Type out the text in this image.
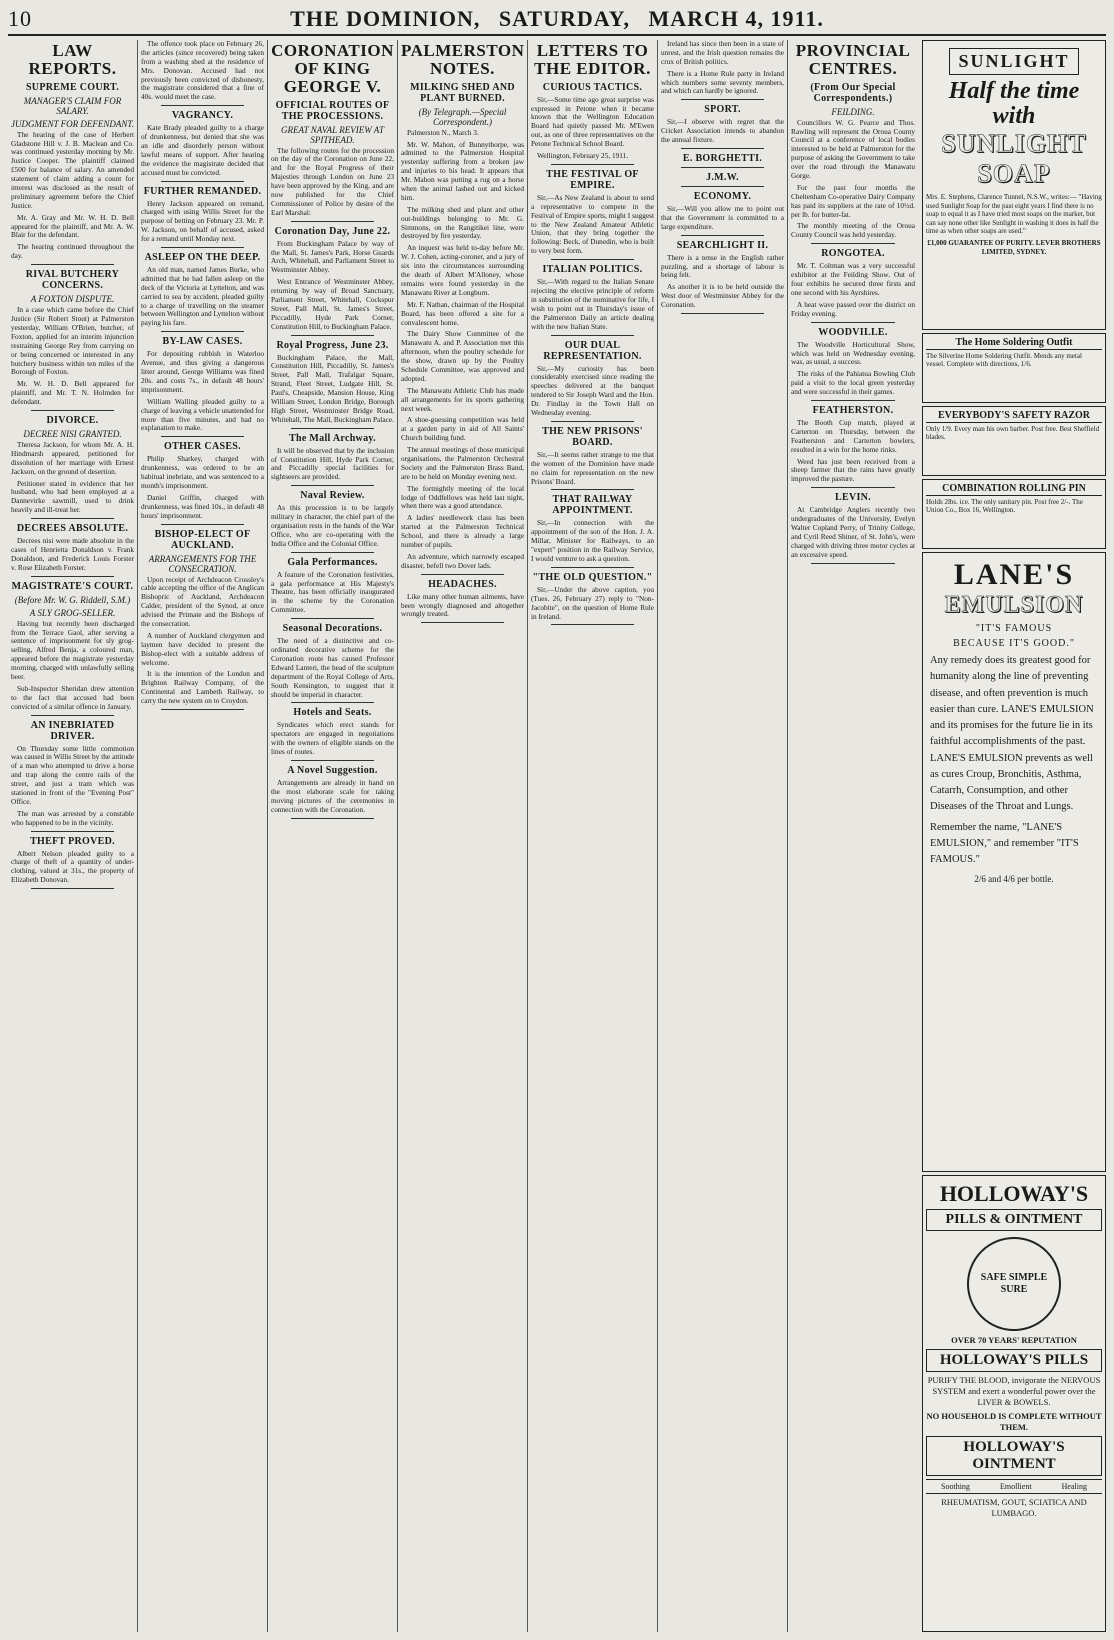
10	THE DOMINION, SATURDAY, MARCH 4, 1911.
LAW REPORTS.
SUPREME COURT.
MANAGER'S CLAIM FOR SALARY.
JUDGMENT FOR DEFENDANT.

The hearing of the case of Herbert Gladstone Hill v. J. B. Maclean and Co. was continued yesterday morning by Mr. Justice Cooper. The plaintiff claimed £500 for balance of salary. An amended statement of claim adding a count for interest was disclosed as the result of preliminary agreement before the Chief Justice.

Mr. A. Gray and Mr. W. H. D. Bell appeared for the plaintiff, and Mr. A. W. Blair for the defendant.

The hearing continued throughout the day.

RIVAL BUTCHERY CONCERNS.
A FOXTON DISPUTE.

In a case which came before the Chief Justice (Sir Robert Stout) at Palmerston yesterday, William O'Brien, butcher, of Foxton, applied for an interim injunction restraining George Rey from carrying on or being concerned or interested in any butchery business within ten miles of the Borough of Foxton.

Mr. W. H. D. Bell appeared for plaintiff, and Mr. T. N. Holmden for defendant.

DIVORCE.
DECREE NISI GRANTED.

Theresa Jackson, for whom Mr. A. H. Hindmarsh appeared, petitioned for dissolution of her marriage with Ernest Jackson, on the ground of desertion.

Petitioner stated in evidence that her husband, who had been employed at a Dannevirke sawmill, used to drink heavily and ill-treat her.

DECREES ABSOLUTE.

Decrees nisi were made absolute in the cases of Henrietta Donaldson v. Frank Donaldson, and Frederick Louis Forster v. Rose Elizabeth Forster.

MAGISTRATE'S COURT.
(Before Mr. W. G. Riddell, S.M.)
A SLY GROG-SELLER.

Having but recently been discharged from the Terrace Gaol, after serving a sentence of imprisonment for sly grog-selling, Alfred Benja, a coloured man, appeared before the magistrate yesterday morning, charged with unlawfully selling beer.

Sub-Inspector Sheridan drew attention to the fact that accused had been convicted of a similar offence in January.

AN INEBRIATED DRIVER.

On Thursday some little commotion was caused in Willis Street by the attitude of a man who attempted to drive a horse and trap along the centre rails of the street, and just a tram which was stationed in front of the "Evening Post" Office.

The man was arrested by a constable who happened to be in the vicinity.

THEFT PROVED.

Albert Nelson pleaded guilty to a charge of theft of a quantity of under-clothing, valued at 31s., the property of Elizabeth Donovan.

The offence took place on February 26, the articles (since recovered) being taken from a washing shed at the residence of Mrs. Donovan. Accused had not previously been convicted of dishonesty, the magistrate considered that a fine of 40s. would meet the case.

VAGRANCY.

Kate Brady pleaded guilty to a charge of drunkenness, but denied that she was an idle and disorderly person without lawful means of support. After hearing the evidence the magistrate decided that accused must be convicted.

FURTHER REMANDED.

Henry Jackson appeared on remand, charged with using Willis Street for the purpose of betting on February 23. Mr. P. W. Jackson, on behalf of accused, asked for a remand until Monday next.

ASLEEP ON THE DEEP.

An old man, named James Burke, who admitted that he had fallen asleep on the deck of the Victoria at Lyttelton, and was carried to sea by accident, pleaded guilty to a charge of travelling on the steamer between Wellington and Lyttelton without paying his fare.

BY-LAW CASES.

For depositing rubbish in Waterloo Avenue, and thus giving a dangerous litter around, George Williams was fined 20s. and costs 7s., in default 48 hours' imprisonment.

William Walling pleaded guilty to a charge of leaving a vehicle unattended for more than five minutes, and had no explanation to make.

OTHER CASES.

Philip Sharkey, charged with drunkenness, was ordered to be an habitual inebriate, and was sentenced to a month's imprisonment.

Daniel Griffin, charged with drunkenness, was fined 10s., in default 48 hours' imprisonment.

BISHOP-ELECT OF AUCKLAND.
ARRANGEMENTS FOR THE CONSECRATION.

Upon receipt of Archdeacon Crossley's cable accepting the office of the Anglican Bishopric of Auckland, Archdeacon Calder, president of the Synod, at once advised the Primate and the Bishops of the consecration.

A number of Auckland clergymen and laymen have decided to present the Bishop-elect with a suitable address of welcome.

It is the intention of the London and Brighton Railway Company, of the Continental and Lambeth Railway, to carry the new system on to Croydon.

CORONATION OF KING GEORGE V.
OFFICIAL ROUTES OF THE PROCESSIONS.
GREAT NAVAL REVIEW AT SPITHEAD.

The following routes for the procession on the day of the Coronation on June 22, and for the Royal Progress of their Majesties through London on June 23 have been approved by the King, and are now published for the Chief Commissioner of Police by desire of the Earl Marshal:

Coronation Day, June 22.

From Buckingham Palace by way of the Mall, St. James's Park, Horse Guards Arch, Whitehall, and Parliament Street to Westminster Abbey.

West Entrance of Westminster Abbey, returning by way of Broad Sanctuary, Parliament Street, Whitehall, Cockspur Street, Pall Mall, St. James's Street, Piccadilly, Hyde Park Corner, Constitution Hill, to Buckingham Palace.

Royal Progress, June 23.

Buckingham Palace, the Mall, Constitution Hill, Piccadilly, St. James's Street, Pall Mall, Trafalgar Square, Strand, Fleet Street, Ludgate Hill, St. Paul's, Cheapside, Mansion House, King William Street, London Bridge, Borough High Street, Westminster Bridge Road, Whitehall, The Mall, Buckingham Palace.

The Mall Archway.

It will be observed that by the inclusion of Constitution Hill, Hyde Park Corner, and Piccadilly special facilities for sightseers are provided.

Naval Review.

As this procession is to be largely military in character, the chief part of the organisation rests in the hands of the War Office, who are co-operating with the India Office and the Colonial Office.

Gala Performances.

A feature of the Coronation festivities, a gala performance at His Majesty's Theatre, has been officially inaugurated in the scheme by the Coronation Committee.

Seasonal Decorations.

The need of a distinctive and co-ordinated decorative scheme for the Coronation route has caused Professor Edward Lanteri, the head of the sculpture department of the Royal College of Arts, South Kensington, to suggest that it should be imperial in character.

Hotels and Seats.

Syndicates which erect stands for spectators are engaged in negotiations with the owners of eligible stands on the lines of routes.

A Novel Suggestion.

Arrangements are already in hand on the most elaborate scale for taking moving pictures of the ceremonies in connection with the Coronation.

PALMERSTON NOTES.
MILKING SHED AND PLANT BURNED.
(By Telegraph.—Special Correspondent.)

Palmerston N., March 3.

Mr. W. Mahon, of Bunnythorpe, was admitted to the Palmerston Hospital yesterday suffering from a broken jaw and injuries to his head. It appears that Mr. Mahon was putting a rug on a horse when the animal lashed out and kicked him.

The milking shed and plant and other out-buildings belonging to Mr. G. Simmons, on the Rangitikei line, were destroyed by fire yesterday.

An inquest was held to-day before Mr. W. J. Cohen, acting-coroner, and a jury of six into the circumstances surrounding the death of Albert M'Alloney, whose remains were found yesterday in the Manawatu River at Longburn.

Mr. F. Nathan, chairman of the Hospital Board, has been offered a site for a convalescent home.

The Dairy Show Committee of the Manawatu A. and P. Association met this afternoon, when the poultry schedule for the show, drawn up by the Poultry Schedule Committee, was approved and adopted.

The Manawatu Athletic Club has made all arrangements for its sports gathering next week.

A shoe-guessing competition was held at a garden party in aid of All Saints' Church building fund.

The annual meetings of those municipal organisations, the Palmerston Orchestral Society and the Palmerston Brass Band, are to be held on Monday evening next.

The fortnightly meeting of the local lodge of Oddfellows was held last night, when there was a good attendance.

A ladies' needlework class has been started at the Palmerston Technical School, and there is already a large number of pupils.

An adventure, which narrowly escaped disaster, befell two Dover lads.

HEADACHES.

Like many other human ailments, have been wrongly diagnosed and altogether wrongly treated.

LETTERS TO THE EDITOR.
CURIOUS TACTICS.

Sir,—Some time ago great surprise was expressed in Petone when it became known that the Wellington Education Board had quietly passed Mr. M'Ewen out, as one of three representatives on the Petone Technical School Board.

Wellington, February 25, 1911.

THE FESTIVAL OF EMPIRE.

Sir,—As New Zealand is about to send a representative to compete in the Festival of Empire sports, might I suggest to the New Zealand Amateur Athletic Union, that they bring together the following: Beck, of Dunedin, who is built to very best form.

ITALIAN POLITICS.

Sir,—With regard to the Italian Senate rejecting the elective principle of reform in substitution of the nominative for life, I wish to point out in Thursday's issue of the Palmerston Daily an article dealing with the new Italian State.

OUR DUAL REPRESENTATION.

Sir,—My curiosity has been considerably exercised since reading the speeches delivered at the banquet tendered to Sir Joseph Ward and the Hon. Dr. Findlay in the Town Hall on Wednesday evening.

THE NEW PRISONS' BOARD.

Sir,—It seems rather strange to me that the women of the Dominion have made no claim for representation on the new Prisons' Board.

THAT RAILWAY APPOINTMENT.

Sir,—In connection with the appointment of the son of the Hon. J. A. Millar, Minister for Railways, to an "expert" position in the Railway Service, I would venture to ask a question.

"THE OLD QUESTION."

Sir,—Under the above caption, you (Tues. 26, February 27) reply to "Non-Jacobite", on the question of Home Rule in Ireland.

Ireland has since then been in a state of unrest, and the Irish question remains the crux of British politics.

There is a Home Rule party in Ireland which numbers some seventy members, and which can hardly be ignored.

SPORT.

Sir,—I observe with regret that the Cricket Association intends to abandon the annual fixture.

E. BORGHETTI.
J.M.W.
ECONOMY.

Sir,—Will you allow me to point out that the Government is committed to a large expenditure.

SEARCHLIGHT II.

There is a tense in the English rather puzzling, and a shortage of labour is being felt.

As another it is to be held outside the West door of Westminster Abbey for the Coronation.

PROVINCIAL CENTRES.
(From Our Special Correspondents.)
FEILDING.

Councillors W. G. Pearce and Thos. Rawling will represent the Oroua County Council at a conference of local bodies interested to be held at Palmerston for the purpose of asking the Government to take over the road through the Manawatu Gorge.

For the past four months the Cheltenham Co-operative Dairy Company has paid its suppliers at the rate of 10½d. per lb. for butter-fat.

The monthly meeting of the Oroua County Council was held yesterday.

RONGOTEA.

Mr. T. Coltman was a very successful exhibitor at the Feilding Show. Out of four exhibits he secured three firsts and one second with his Ayrshires.

A heat wave passed over the district on Friday evening.

WOODVILLE.

The Woodville Horticultural Show, which was held on Wednesday evening, was, as usual, a success.

The risks of the Pahiatua Bowling Club paid a visit to the local green yesterday and were successful in their games.

FEATHERSTON.

The Booth Cup match, played at Carterton on Thursday, between the Featherston and Carterton bowlers, resulted in a win for the home rinks.

Weed has just been received from a sheep farmer that the rains have greatly improved the pasture.

LEVIN.

At Cambridge Anglers recently two undergraduates of the University, Evelyn Walter Copland Perry, of Trinity College, and Cyril Reed Shiner, of St. John's, were charged with driving three motor cycles at an excessive speed.

SUNLIGHT
Half the time with
SUNLIGHT SOAP
Mrs. E. Stephens, Clarence Tunnel, N.S.W., writes:— "Having used Sunlight Soap for the past eight years I find there is no soap to equal it as I have tried most soaps on the market, but can say none other like Sunlight in washing it does in half the time as when other soaps are used."
£1,000 GUARANTEE OF PURITY. LEVER BROTHERS LIMITED, SYDNEY.
The Home Soldering Outfit
The Silverine Home Soldering Outfit. Mends any metal vessel. Complete with directions, 1/6.
EVERYBODY'S SAFETY RAZOR
Only 1/9. Every man his own barber. Post free. Best Sheffield blades.
COMBINATION ROLLING PIN
Holds 2lbs. ice. The only sanitary pin. Post free 2/-. The Union Co., Box 16, Wellington.
LANE'S
EMULSION
"IT'S FAMOUS
BECAUSE IT'S GOOD."
Any remedy does its greatest good for humanity along the line of preventing disease, and often prevention is much easier than cure. LANE'S EMULSION and its promises for the future lie in its faithful accomplishments of the past. LANE'S EMULSION prevents as well as cures Croup, Bronchitis, Asthma, Catarrh, Consumption, and other Diseases of the Throat and Lungs.
Remember the name, "LANE'S EMULSION," and remember "IT'S FAMOUS."
2/6 and 4/6 per bottle.
HOLLOWAY'S
PILLS & OINTMENT
SAFE SIMPLE SURE
OVER 70 YEARS' REPUTATION
HOLLOWAY'S PILLS
PURIFY THE BLOOD, invigorate the NERVOUS SYSTEM and exert a wonderful power over the LIVER & BOWELS.
NO HOUSEHOLD IS COMPLETE WITHOUT THEM.
HOLLOWAY'S OINTMENT
Soothing	Emollient	Healing
RHEUMATISM, GOUT, SCIATICA AND LUMBAGO.
